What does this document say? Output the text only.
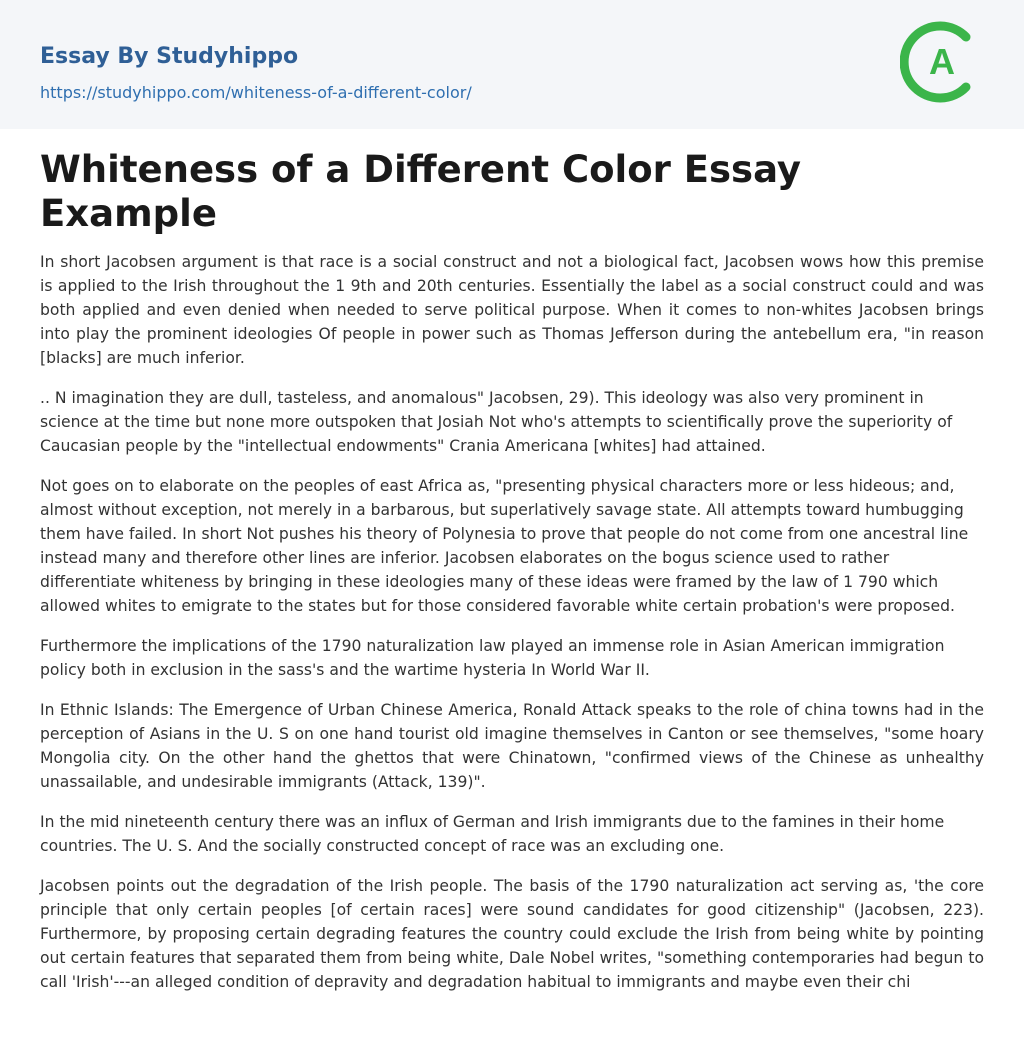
Essay By Studyhippo
https://studyhippo.com/whiteness-of-a-different-color/
A
Whiteness of a Different Color Essay Example

In short Jacobsen argument is that race is a social construct and not a biological fact, Jacobsen wows how this premise is applied to the Irish throughout the 1 9th and 20th centuries. Essentially the label as a social construct could and was both applied and even denied when needed to serve political purpose. When it comes to non-whites Jacobsen brings into play the prominent ideologies Of people in power such as Thomas Jefferson during the antebellum era, "in reason [blacks] are much inferior.

.. N imagination they are dull, tasteless, and anomalous" Jacobsen, 29). This ideology was also very prominent in science at the time but none more outspoken that Josiah Not who's attempts to scientifically prove the superiority of Caucasian people by the "intellectual endowments" Crania Americana [whites] had attained.

Not goes on to elaborate on the peoples of east Africa as, "presenting physical characters more or less hideous; and, almost without exception, not merely in a barbarous, but superlatively savage state. All attempts toward humbugging them have failed. In short Not pushes his theory of Polynesia to prove that people do not come from one ancestral line instead many and therefore other lines are inferior. Jacobsen elaborates on the bogus science used to rather differentiate whiteness by bringing in these ideologies many of these ideas were framed by the law of 1 790 which allowed whites to emigrate to the states but for those considered favorable white certain probation's were proposed.

Furthermore the implications of the 1790 naturalization law played an immense role in Asian American immigration policy both in exclusion in the sass's and the wartime hysteria In World War II.

In Ethnic Islands: The Emergence of Urban Chinese America, Ronald Attack speaks to the role of china towns had in the perception of Asians in the U. S on one hand tourist old imagine themselves in Canton or see themselves, "some hoary Mongolia city. On the other hand the ghettos that were Chinatown, "confirmed views of the Chinese as unhealthy unassailable, and undesirable immigrants (Attack, 139)".

In the mid nineteenth century there was an influx of German and Irish immigrants due to the famines in their home countries. The U. S. And the socially constructed concept of race was an excluding one.

Jacobsen points out the degradation of the Irish people. The basis of the 1790 naturalization act serving as, 'the core principle that only certain peoples [of certain races] were sound candidates for good citizenship" (Jacobsen, 223). Furthermore, by proposing certain degrading features the country could exclude the Irish from being white by pointing out certain features that separated them from being white, Dale Nobel writes, "something contemporaries had begun to call 'Irish'---an alleged condition of depravity and degradation habitual to immigrants and maybe even their chi
